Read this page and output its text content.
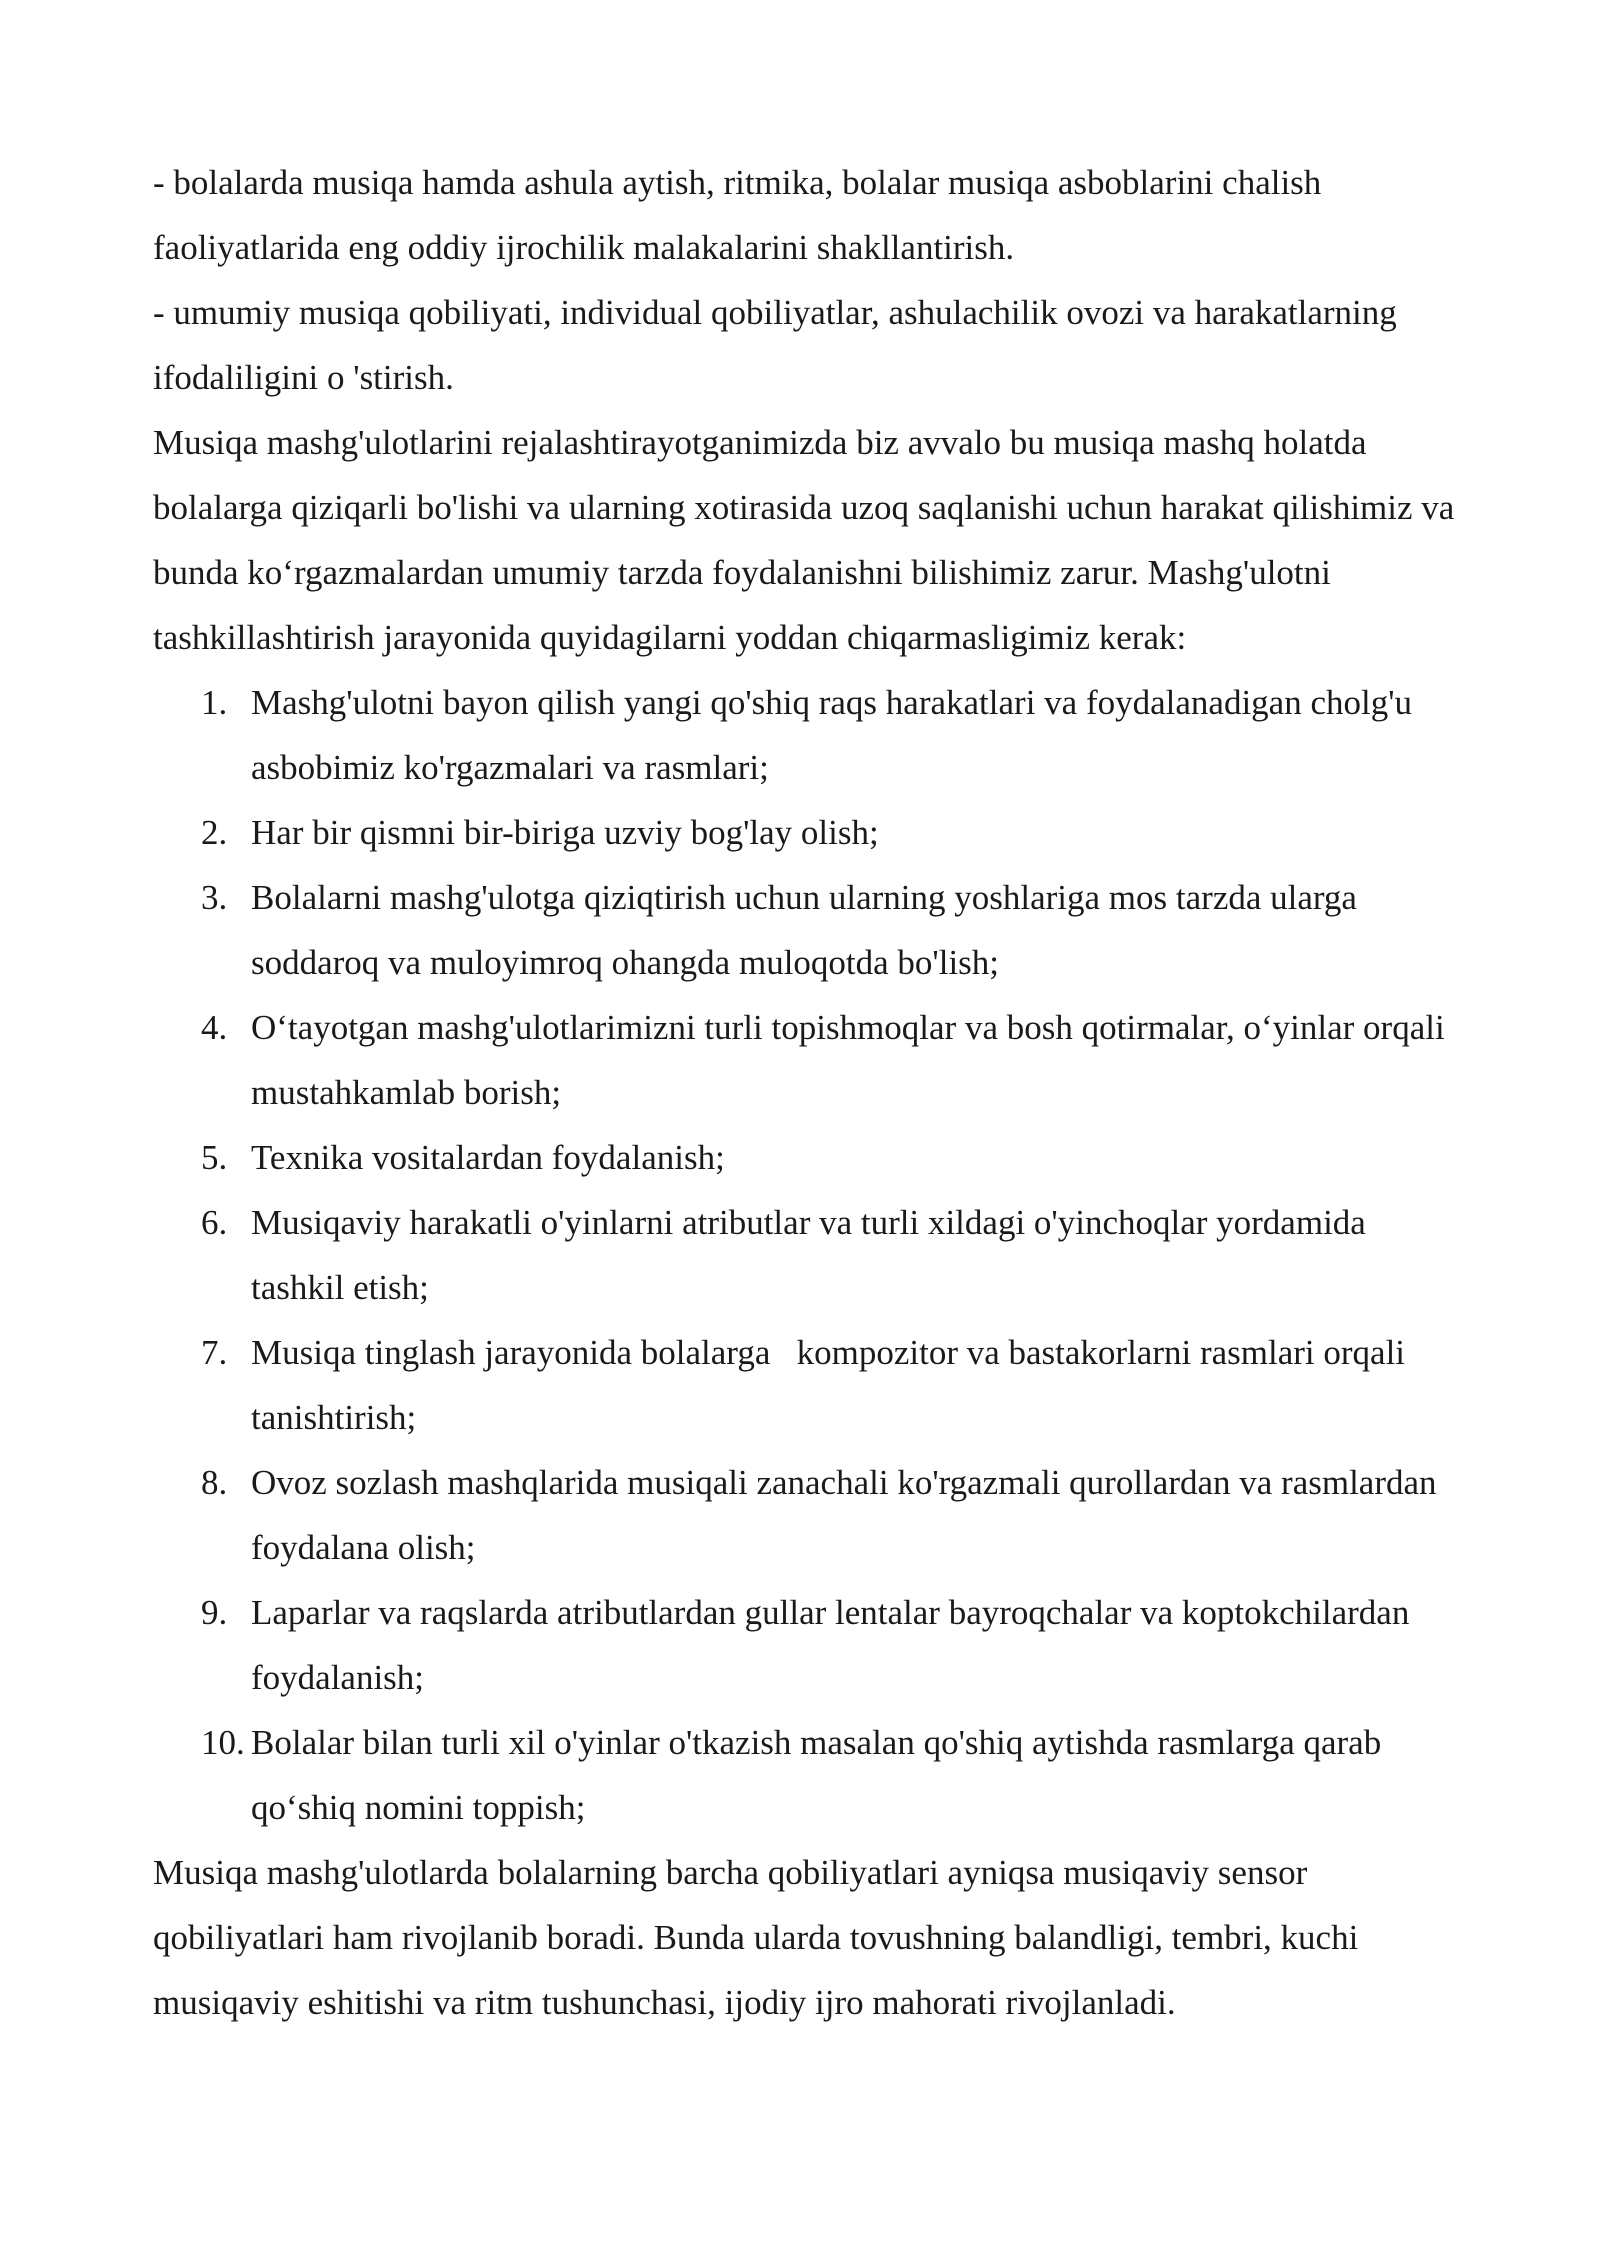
- bolalarda musiqa hamda ashula aytish, ritmika, bolalar musiqa asboblarini chalish faoliyatlarida eng oddiy ijrochilik malakalarini shakllantirish.

- umumiy musiqa qobiliyati, individual qobiliyatlar, ashulachilik ovozi va harakatlarning ifodaliligini o 'stirish.

Musiqa mashg'ulotlarini rejalashtirayotganimizda biz avvalo bu musiqa mashq holatda bolalarga qiziqarli bo'lishi va ularning xotirasida uzoq saqlanishi uchun harakat qilishimiz va bunda koʻrgazmalardan umumiy tarzda foydalanishni bilishimiz zarur. Mashg'ulotni tashkillashtirish jarayonida quyidagilarni yoddan chiqarmasligimiz kerak:

1. Mashg'ulotni bayon qilish yangi qo'shiq raqs harakatlari va foydalanadigan cholg'u asbobimiz ko'rgazmalari va rasmlari;
2. Har bir qismni bir-biriga uzviy bog'lay olish;
3. Bolalarni mashg'ulotga qiziqtirish uchun ularning yoshlariga mos tarzda ularga soddaroq va muloyimroq ohangda muloqotda bo'lish;
4. Oʻtayotgan mashg'ulotlarimizni turli topishmoqlar va bosh qotirmalar, oʻyinlar orqali mustahkamlab borish;
5. Texnika vositalardan foydalanish;
6. Musiqaviy harakatli o'yinlarni atributlar va turli xildagi o'yinchoqlar yordamida tashkil etish;
7. Musiqa tinglash jarayonida bolalarga   kompozitor va bastakorlarni rasmlari orqali tanishtirish;
8. Ovoz sozlash mashqlarida musiqali zanachali ko'rgazmali qurollardan va rasmlardan foydalana olish;
9. Laparlar va raqslarda atributlardan gullar lentalar bayroqchalar va koptokchilardan foydalanish;
10. Bolalar bilan turli xil o'yinlar o'tkazish masalan qo'shiq aytishda rasmlarga qarab qoʻshiq nomini toppish;

Musiqa mashg'ulotlarda bolalarning barcha qobiliyatlari ayniqsa musiqaviy sensor qobiliyatlari ham rivojlanib boradi. Bunda ularda tovushning balandligi, tembri, kuchi musiqaviy eshitishi va ritm tushunchasi, ijodiy ijro mahorati rivojlanladi.
